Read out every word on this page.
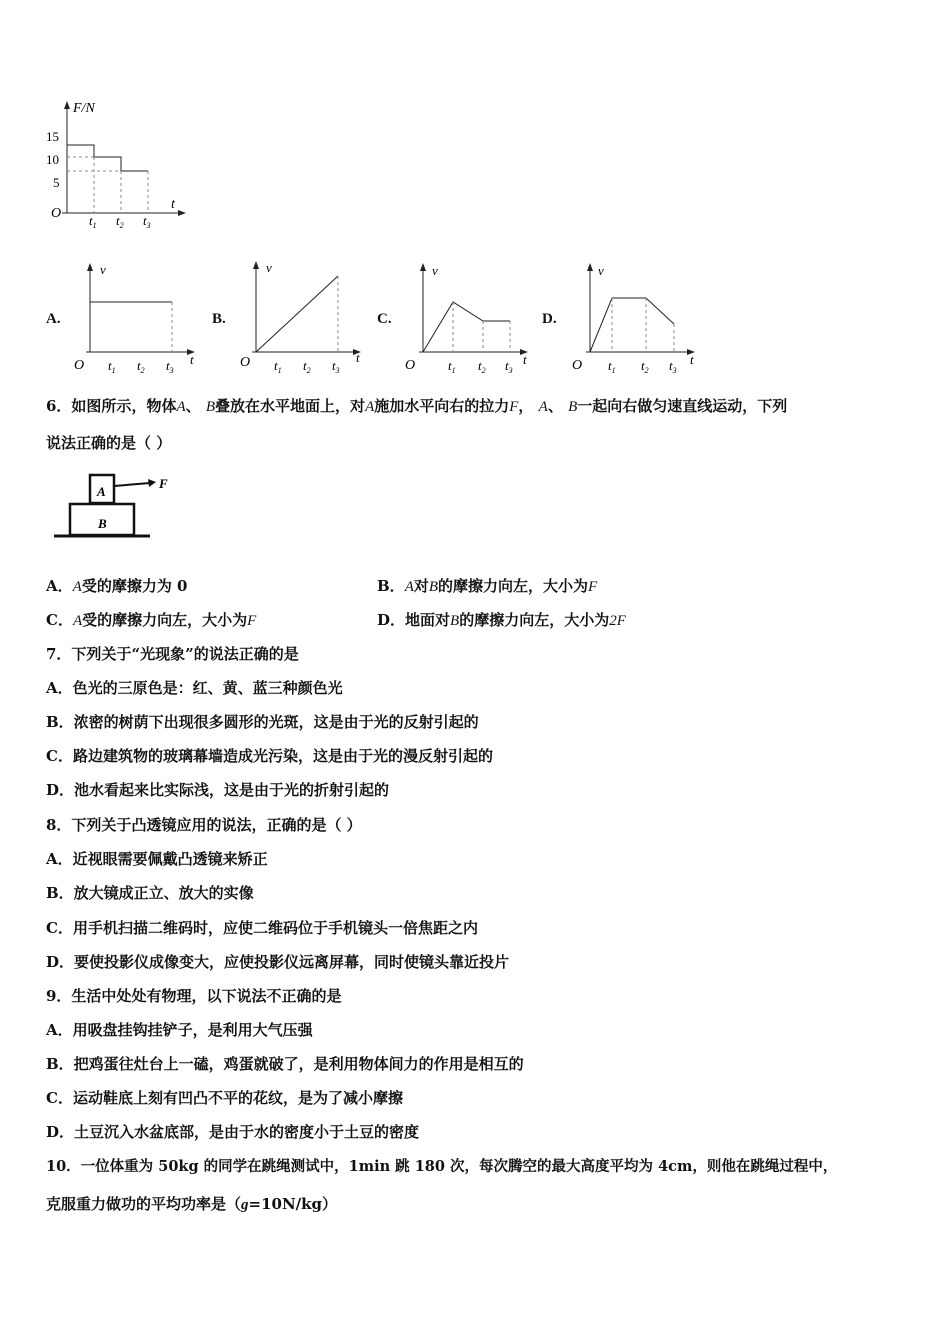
F/N
t
O
15
10
5
$t_1$ $t_2$ $t_3$
A.	B.	C.	D.
v
t
O $t_1$ $t_2$ $t_3$
v
t
O $t_1$ $t_2$ $t_3$
v
t
O	$t_1$ $t_2$ $t_3$
v
t
O $t_1$ $t_2$ $t_3$
6．如图所示，物体A、 B叠放在水平地面上，对A施加水平向右的拉力F， A、 B一起向右做匀速直线运动，下列
说法正确的是（ ）
A
B
F
A．A受的摩擦力为 0	B．A对B的摩擦力向左，大小为F
C．A受的摩擦力向左，大小为F	D．地面对B的摩擦力向左，大小为2F
7．下列关于“光现象”的说法正确的是
A．色光的三原色是：红、黄、蓝三种颜色光
B．浓密的树荫下出现很多圆形的光斑，这是由于光的反射引起的
C．路边建筑物的玻璃幕墙造成光污染，这是由于光的漫反射引起的
D．池水看起来比实际浅，这是由于光的折射引起的
8．下列关于凸透镜应用的说法，正确的是（ ）
A．近视眼需要佩戴凸透镜来矫正
B．放大镜成正立、放大的实像
C．用手机扫描二维码时，应使二维码位于手机镜头一倍焦距之内
D．要使投影仪成像变大，应使投影仪远离屏幕，同时使镜头靠近投片
9．生活中处处有物理，以下说法不正确的是
A．用吸盘挂钩挂铲子，是利用大气压强
B．把鸡蛋往灶台上一磕，鸡蛋就破了，是利用物体间力的作用是相互的
C．运动鞋底上刻有凹凸不平的花纹，是为了减小摩擦
D．土豆沉入水盆底部，是由于水的密度小于土豆的密度
10．一位体重为 50kg 的同学在跳绳测试中，1min 跳 180 次，每次腾空的最大高度平均为 4cm，则他在跳绳过程中，
克服重力做功的平均功率是（g=10N/kg）
